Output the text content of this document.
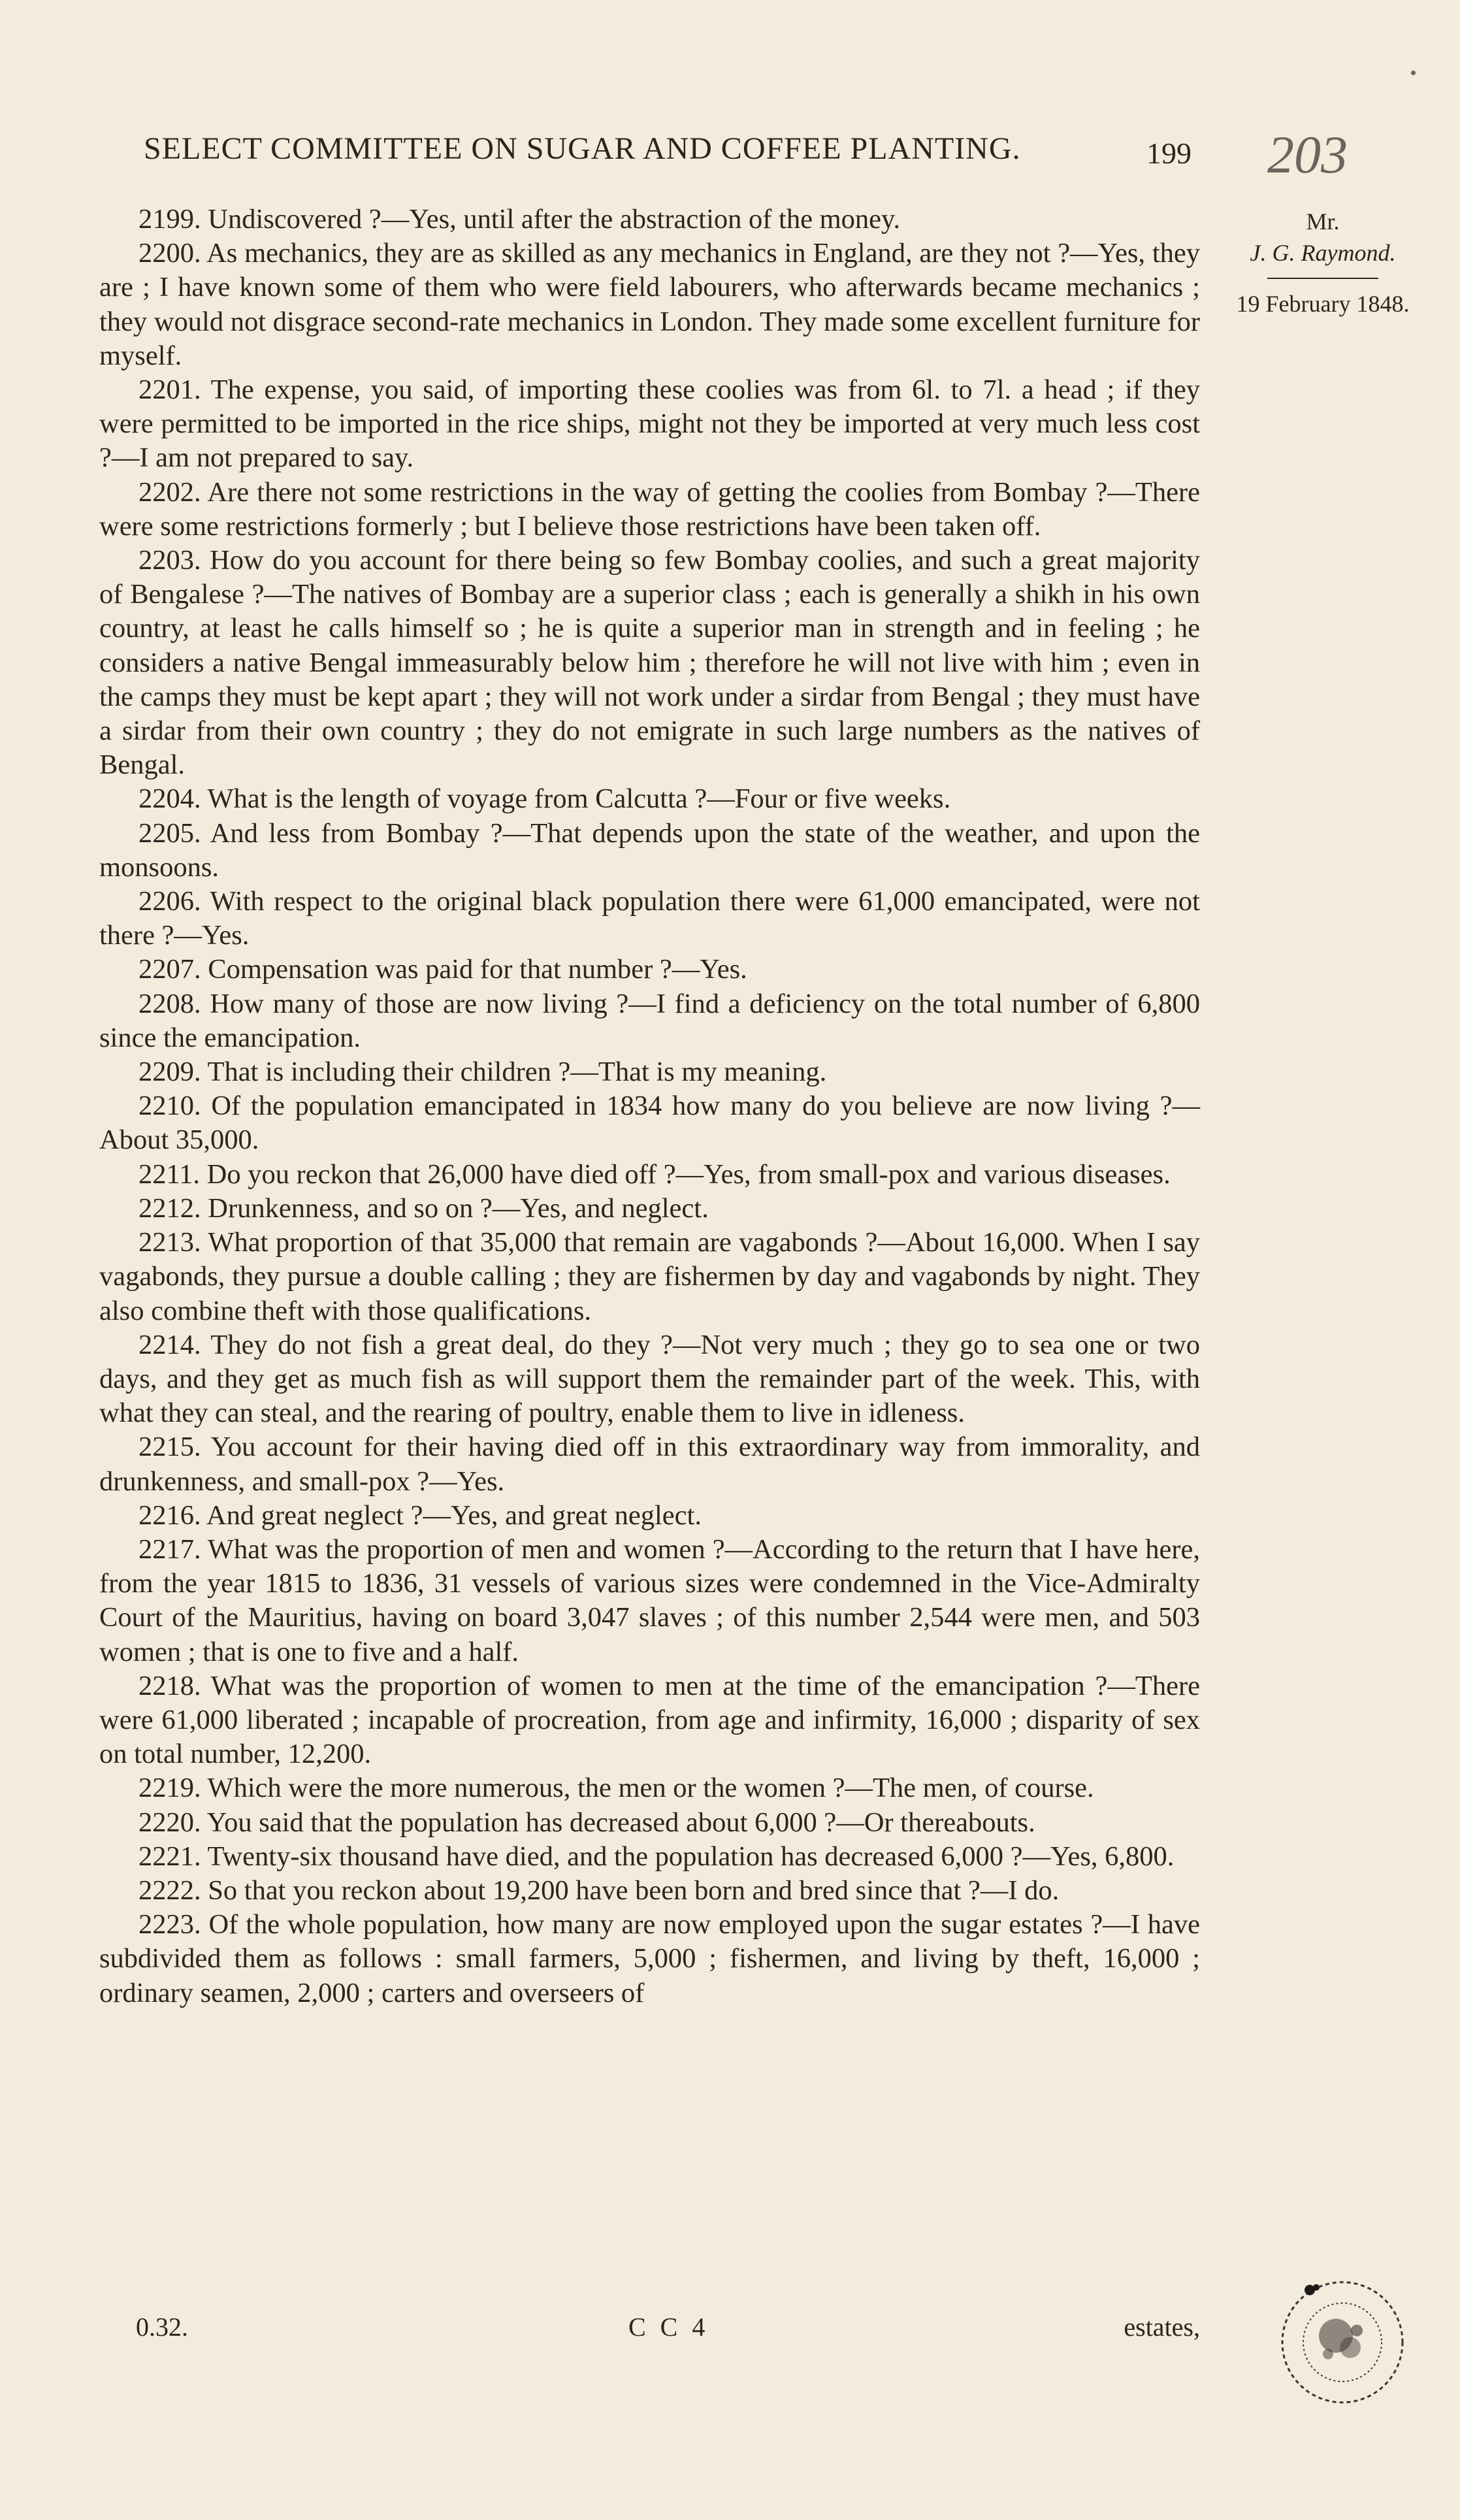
SELECT COMMITTEE ON SUGAR AND COFFEE PLANTING.	199 203
Mr.
J. G. Raymond.
19 February 1848.

2199. Undiscovered ?—Yes, until after the abstraction of the money.

2200. As mechanics, they are as skilled as any mechanics in England, are they not ?—Yes, they are ; I have known some of them who were field labourers, who afterwards became mechanics ; they would not disgrace second-rate mechanics in London. They made some excellent furniture for myself.

2201. The expense, you said, of importing these coolies was from 6l. to 7l. a head ; if they were permitted to be imported in the rice ships, might not they be imported at very much less cost ?—I am not prepared to say.

2202. Are there not some restrictions in the way of getting the coolies from Bombay ?—There were some restrictions formerly ; but I believe those restrictions have been taken off.

2203. How do you account for there being so few Bombay coolies, and such a great majority of Bengalese ?—The natives of Bombay are a superior class ; each is generally a shikh in his own country, at least he calls himself so ; he is quite a superior man in strength and in feeling ; he considers a native Bengal immeasurably below him ; therefore he will not live with him ; even in the camps they must be kept apart ; they will not work under a sirdar from Bengal ; they must have a sirdar from their own country ; they do not emigrate in such large numbers as the natives of Bengal.

2204. What is the length of voyage from Calcutta ?—Four or five weeks.

2205. And less from Bombay ?—That depends upon the state of the weather, and upon the monsoons.

2206. With respect to the original black population there were 61,000 emancipated, were not there ?—Yes.

2207. Compensation was paid for that number ?—Yes.

2208. How many of those are now living ?—I find a deficiency on the total number of 6,800 since the emancipation.

2209. That is including their children ?—That is my meaning.

2210. Of the population emancipated in 1834 how many do you believe are now living ?—About 35,000.

2211. Do you reckon that 26,000 have died off ?—Yes, from small-pox and various diseases.

2212. Drunkenness, and so on ?—Yes, and neglect.

2213. What proportion of that 35,000 that remain are vagabonds ?—About 16,000. When I say vagabonds, they pursue a double calling ; they are fishermen by day and vagabonds by night. They also combine theft with those qualifications.

2214. They do not fish a great deal, do they ?—Not very much ; they go to sea one or two days, and they get as much fish as will support them the remainder part of the week. This, with what they can steal, and the rearing of poultry, enable them to live in idleness.

2215. You account for their having died off in this extraordinary way from immorality, and drunkenness, and small-pox ?—Yes.

2216. And great neglect ?—Yes, and great neglect.

2217. What was the proportion of men and women ?—According to the return that I have here, from the year 1815 to 1836, 31 vessels of various sizes were condemned in the Vice-Admiralty Court of the Mauritius, having on board 3,047 slaves ; of this number 2,544 were men, and 503 women ; that is one to five and a half.

2218. What was the proportion of women to men at the time of the emancipation ?—There were 61,000 liberated ; incapable of procreation, from age and infirmity, 16,000 ; disparity of sex on total number, 12,200.

2219. Which were the more numerous, the men or the women ?—The men, of course.

2220. You said that the population has decreased about 6,000 ?—Or thereabouts.

2221. Twenty-six thousand have died, and the population has decreased 6,000 ?—Yes, 6,800.

2222. So that you reckon about 19,200 have been born and bred since that ?—I do.

2223. Of the whole population, how many are now employed upon the sugar estates ?—I have subdivided them as follows : small farmers, 5,000 ; fishermen, and living by theft, 16,000 ; ordinary seamen, 2,000 ; carters and overseers of

0.32.	C C 4	estates,
